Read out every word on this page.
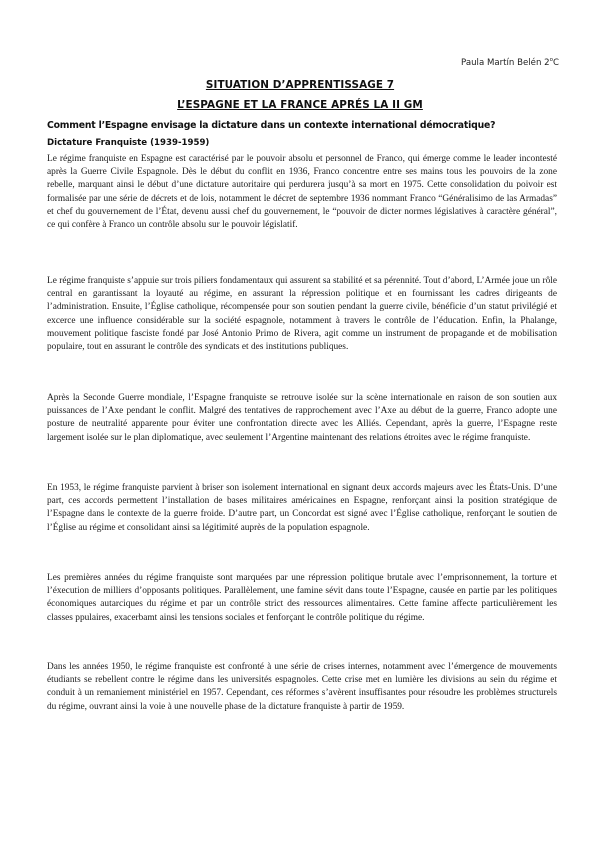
Paula Martín Belén 2$^o$C
SITUATION D’APPRENTISSAGE 7
L’ESPAGNE ET LA FRANCE APRÉS LA II GM
Comment l’Espagne envisage la dictature dans un contexte international démocratique?
Dictature Franquiste (1939-1959)

Le régime franquiste en Espagne est caractérisé par le pouvoir absolu et personnel de Franco, qui émerge comme le leader incontesté après la Guerre Civile Espagnole. Dès le début du conflit en 1936, Franco concentre entre ses mains tous les pouvoirs de la zone rebelle, marquant ainsi le début d’une dictature autoritaire qui perdurera jusqu’à sa mort en 1975. Cette consolidation du poivoir est formalisée par une série de décrets et de lois, notamment le décret de septembre 1936 nommant Franco “Généralisimo de las Armadas” et chef du gouvernement de l’État, devenu aussi chef du gouvernement, le “pouvoir de dicter normes législatives à caractère général”, ce qui confère à Franco un contrôle absolu sur le pouvoir législatif.

Le régime franquiste s’appuie sur trois piliers fondamentaux qui assurent sa stabilité et sa pérennité. Tout d’abord, L’Armée joue un rôle central en garantissant la loyauté au régime, en assurant la répression politique et en fournissant les cadres dirigeants de l’administration. Ensuite, l’Église catholique, récompensée pour son soutien pendant la guerre civile, bénéficie d’un statut privilégié et excerce une influence considérable sur la société espagnole, notamment à travers le contrôle de l’éducation. Enfin, la Phalange, mouvement politique fasciste fondé par José Antonio Primo de Rivera, agit comme un instrument de propagande et de mobilisation populaire, tout en assurant le contrôle des syndicats et des institutions publiques.

Après la Seconde Guerre mondiale, l’Espagne franquiste se retrouve isolée sur la scène internationale en raison de son soutien aux puissances de l’Axe pendant le conflit. Malgré des tentatives de rapprochement avec l’Axe au début de la guerre, Franco adopte une posture de neutralité apparente pour éviter une confrontation directe avec les Alliés. Cependant, après la guerre, l’Espagne reste largement isolée sur le plan diplomatique, avec seulement l’Argentine maintenant des relations étroites avec le régime franquiste.

En 1953, le régime franquiste parvient à briser son isolement international en signant deux accords majeurs avec les États-Unis. D’une part, ces accords permettent l’installation de bases militaires américaines en Espagne, renforçant ainsi la position stratégique de l’Espagne dans le contexte de la guerre froide. D’autre part, un Concordat est signé avec l’Église catholique, renforçant le soutien de l’Église au régime et consolidant ainsi sa légitimité auprès de la population espagnole.

Les premières années du régime franquiste sont marquées par une répression politique brutale avec l’emprisonnement, la torture et l’éxecution de milliers d’opposants politiques. Parallèlement, une famine sévit dans toute l’Espagne, causée en partie par les politiques économiques autarciques du régime et par un contrôle strict des ressources alimentaires. Cette famine affecte particulièrement les classes ppulaires, exacerbamt ainsi les tensions sociales et fenforçant le contrôle politique du régime.

Dans les années 1950, le régime franquiste est confronté à une série de crises internes, notamment avec l’émergence de mouvements étudiants se rebellent contre le régime dans les universités espagnoles. Cette crise met en lumière les divisions au sein du régime et conduit à un remaniement ministériel en 1957. Cependant, ces réformes s’avèrent insuffisantes pour résoudre les problèmes structurels du régime, ouvrant ainsi la voie à une nouvelle phase de la dictature franquiste à partir de 1959.
